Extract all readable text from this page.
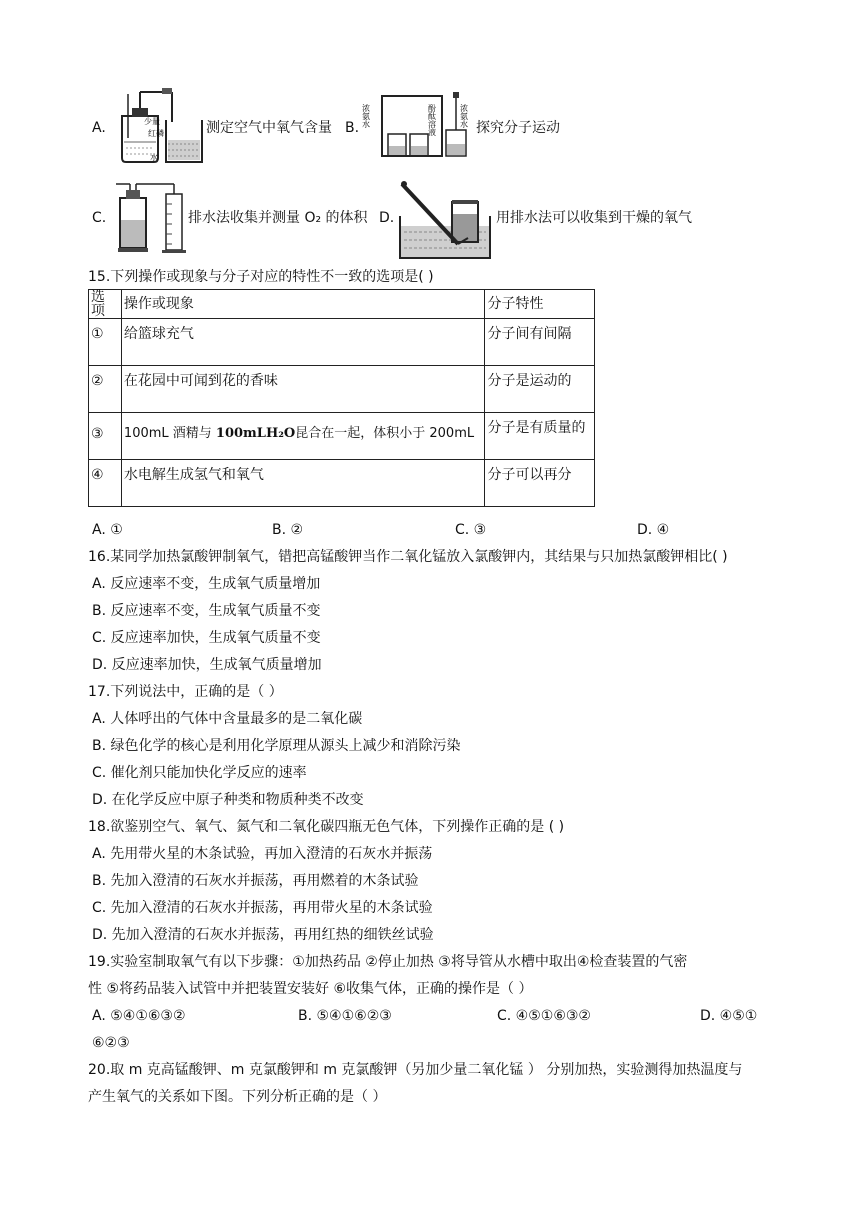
A.	少量
红磷
水
测定空气中氧气含量 B. 浓氨水	酚酞溶液	浓氨水 探究分子运动
C.	排水法收集并测量 O₂ 的体积 D.	用排水法可以收集到干燥的氧气
15.下列操作或现象与分子对应的特性不一致的选项是( )
选项	操作或现象	分子特性
①	给篮球充气	分子间有间隔
②	在花园中可闻到花的香味	分子是运动的
③	100mL 酒精与 100mLH₂O昆合在一起，体积小于 200mL	分子是有质量的
④	水电解生成氢气和氧气	分子可以再分
A. ①	B. ②	C. ③	D. ④
16.某同学加热氯酸钾制氧气，错把高锰酸钾当作二氧化锰放入氯酸钾内，其结果与只加热氯酸钾相比( )
A. 反应速率不变，生成氧气质量增加
B. 反应速率不变，生成氧气质量不变
C. 反应速率加快，生成氧气质量不变
D. 反应速率加快，生成氧气质量增加
17.下列说法中，正确的是（ ）
A. 人体呼出的气体中含量最多的是二氧化碳
B. 绿色化学的核心是利用化学原理从源头上减少和消除污染
C. 催化剂只能加快化学反应的速率
D. 在化学反应中原子种类和物质种类不改变
18.欲鉴别空气、氧气、氮气和二氧化碳四瓶无色气体，下列操作正确的是 ( )
A. 先用带火星的木条试验，再加入澄清的石灰水并振荡
B. 先加入澄清的石灰水并振荡，再用燃着的木条试验
C. 先加入澄清的石灰水并振荡，再用带火星的木条试验
D. 先加入澄清的石灰水并振荡，再用红热的细铁丝试验
19.实验室制取氧气有以下步骤：①加热药品 ②停止加热 ③将导管从水槽中取出④检查装置的气密
性 ⑤将药品装入试管中并把装置安装好 ⑥收集气体，正确的操作是（ ）
A. ⑤④①⑥③②	B. ⑤④①⑥②③	C. ④⑤①⑥③②	D. ④⑤①
⑥②③
20.取 m 克高锰酸钾、m 克氯酸钾和 m 克氯酸钾（另加少量二氧化锰 ） 分别加热，实验测得加热温度与
产生氧气的关系如下图。下列分析正确的是（ ）
